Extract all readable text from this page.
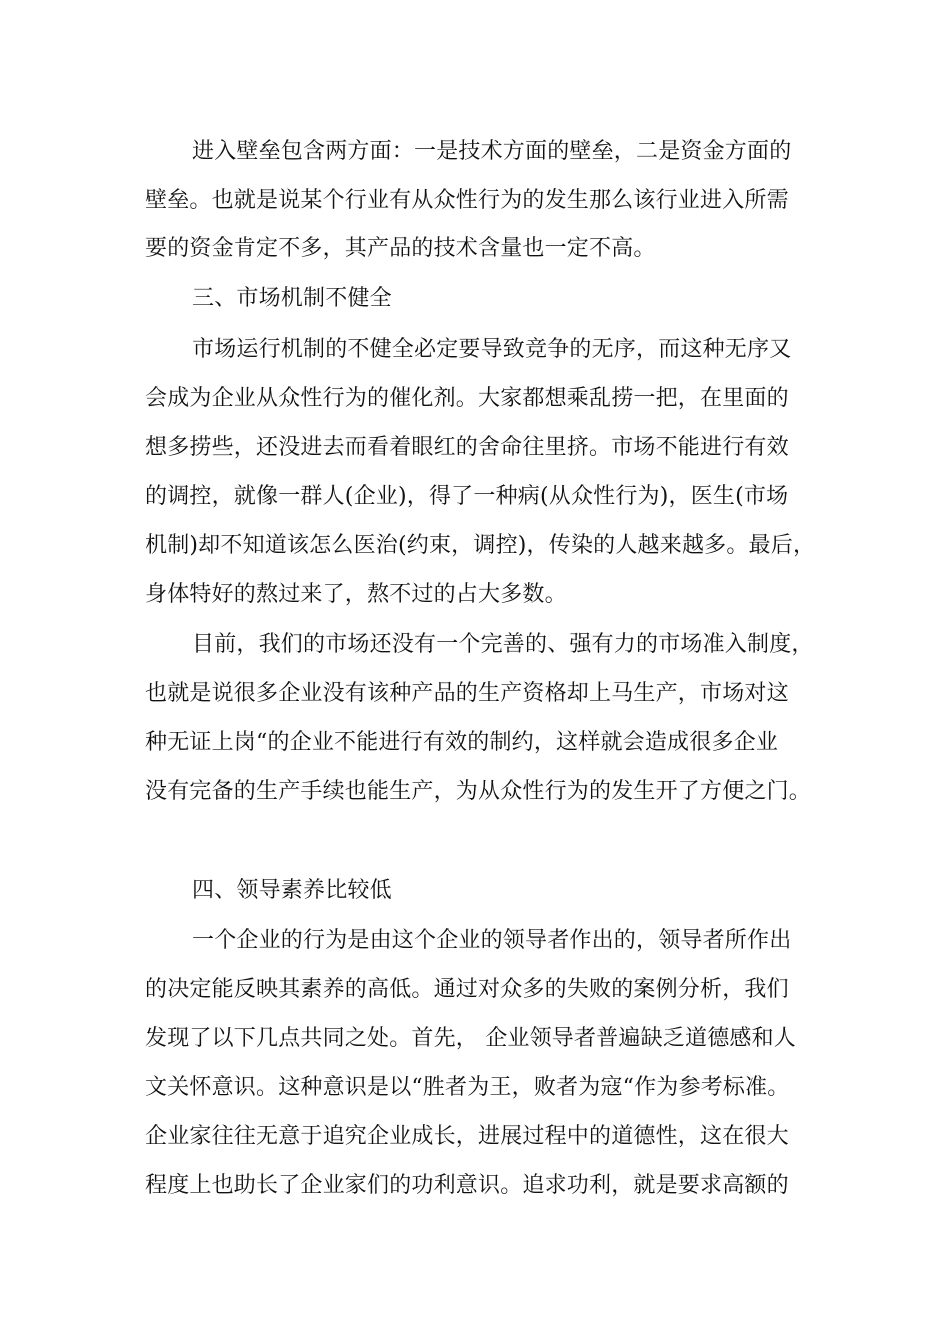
进入壁垒包含两方面：一是技术方面的壁垒，二是资金方面的
壁垒。也就是说某个行业有从众性行为的发生那么该行业进入所需
要的资金肯定不多，其产品的技术含量也一定不高。
三、市场机制不健全
市场运行机制的不健全必定要导致竞争的无序，而这种无序又
会成为企业从众性行为的催化剂。大家都想乘乱捞一把，在里面的
想多捞些，还没进去而看着眼红的舍命往里挤。市场不能进行有效
的调控，就像一群人(企业)，得了一种病(从众性行为)，医生(市场
机制)却不知道该怎么医治(约束，调控)，传染的人越来越多。最后，
身体特好的熬过来了，熬不过的占大多数。
目前，我们的市场还没有一个完善的、强有力的市场准入制度，
也就是说很多企业没有该种产品的生产资格却上马生产，市场对这
种无证上岗“的企业不能进行有效的制约，这样就会造成很多企业
没有完备的生产手续也能生产，为从众性行为的发生开了方便之门。
四、领导素养比较低
一个企业的行为是由这个企业的领导者作出的，领导者所作出
的决定能反映其素养的高低。通过对众多的失败的案例分析，我们
发现了以下几点共同之处。首先， 企业领导者普遍缺乏道德感和人
文关怀意识。这种意识是以“胜者为王，败者为寇“作为参考标准。
企业家往往无意于追究企业成长，进展过程中的道德性，这在很大
程度上也助长了企业家们的功利意识。追求功利，就是要求高额的
